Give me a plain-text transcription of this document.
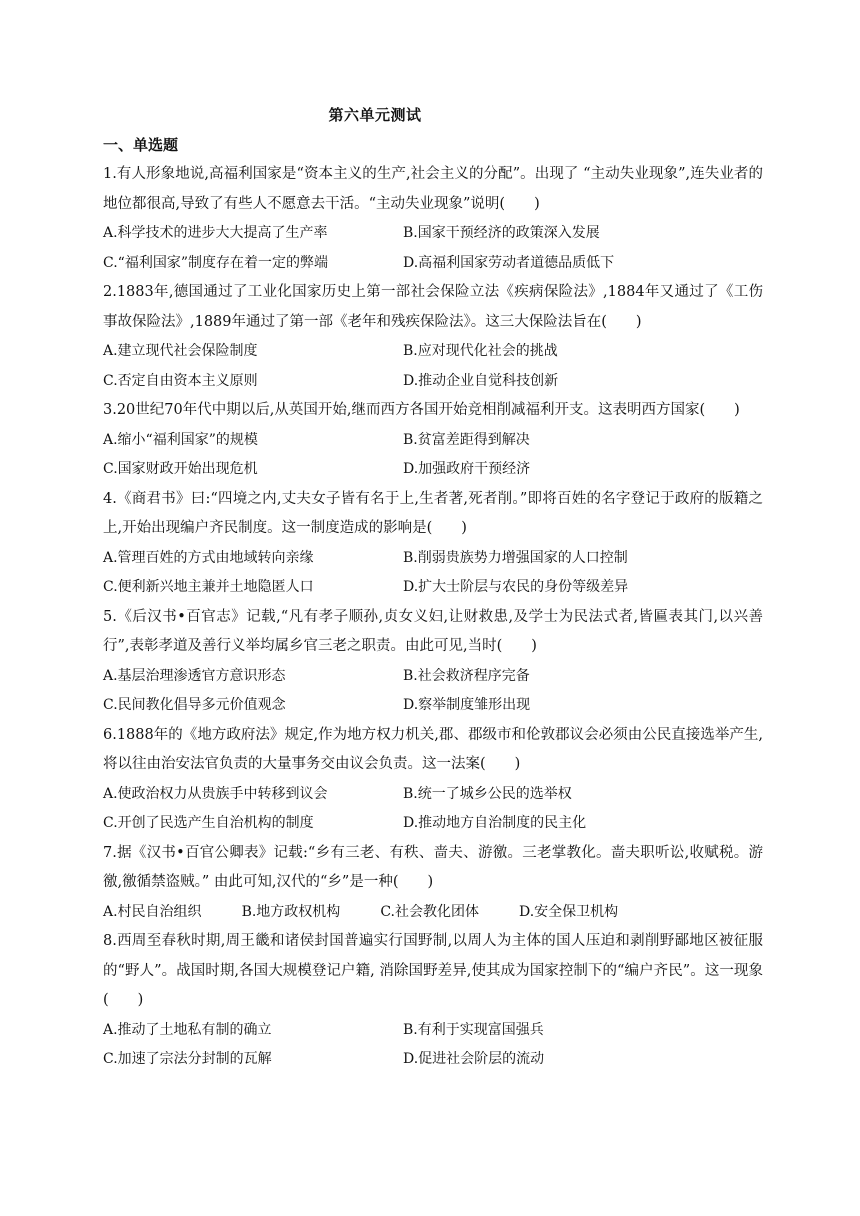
第六单元测试
一、单选题

1.有人形象地说,高福利国家是“资本主义的生产,社会主义的分配”。出现了 “主动失业现象”,连失业者的地位都很高,导致了有些人不愿意去干活。“主动失业现象”说明(　　)

A.科学技术的进步大大提高了生产率	B.国家干预经济的政策深入发展
C.“福利国家”制度存在着一定的弊端	D.高福利国家劳动者道德品质低下

2.1883年,德国通过了工业化国家历史上第一部社会保险立法《疾病保险法》,1884年又通过了《工伤事故保险法》,1889年通过了第一部《老年和残疾保险法》。这三大保险法旨在(　　)

A.建立现代社会保险制度	B.应对现代化社会的挑战
C.否定自由资本主义原则	D.推动企业自觉科技创新

3.20世纪70年代中期以后,从英国开始,继而西方各国开始竞相削减福利开支。这表明西方国家(　　)

A.缩小“福利国家”的规模	B.贫富差距得到解决
C.国家财政开始出现危机	D.加强政府干预经济

4.《商君书》曰:“四境之内,丈夫女子皆有名于上,生者著,死者削。”即将百姓的名字登记于政府的版籍之上,开始出现编户齐民制度。这一制度造成的影响是(　　)

A.管理百姓的方式由地域转向亲缘	B.削弱贵族势力增强国家的人口控制
C.便利新兴地主兼并土地隐匿人口	D.扩大士阶层与农民的身份等级差异

5.《后汉书•百官志》记载,“凡有孝子顺孙,贞女义妇,让财救患,及学士为民法式者,皆匾表其门,以兴善行”,表彰孝道及善行义举均属乡官三老之职责。由此可见,当时(　　)

A.基层治理渗透官方意识形态	B.社会救济程序完备
C.民间教化倡导多元价值观念	D.察举制度雏形出现

6.1888年的《地方政府法》规定,作为地方权力机关,郡、郡级市和伦敦郡议会必须由公民直接选举产生,将以往由治安法官负责的大量事务交由议会负责。这一法案(　　)

A.使政治权力从贵族手中转移到议会	B.统一了城乡公民的选举权
C.开创了民选产生自治机构的制度	D.推动地方自治制度的民主化

7.据《汉书•百官公卿表》记载:“乡有三老、有秩、啬夫、游徼。三老掌教化。啬夫职听讼,收赋税。游徼,徼循禁盗贼。” 由此可知,汉代的“乡”是一种(　　)

A.村民自治组织	B.地方政权机构	C.社会教化团体	D.安全保卫机构

8.西周至春秋时期,周王畿和诸侯封国普遍实行国野制,以周人为主体的国人压迫和剥削野鄙地区被征服的“野人”。战国时期,各国大规模登记户籍, 消除国野差异,使其成为国家控制下的“编户齐民”。这一现象(　　)

A.推动了土地私有制的确立	B.有利于实现富国强兵
C.加速了宗法分封制的瓦解	D.促进社会阶层的流动
